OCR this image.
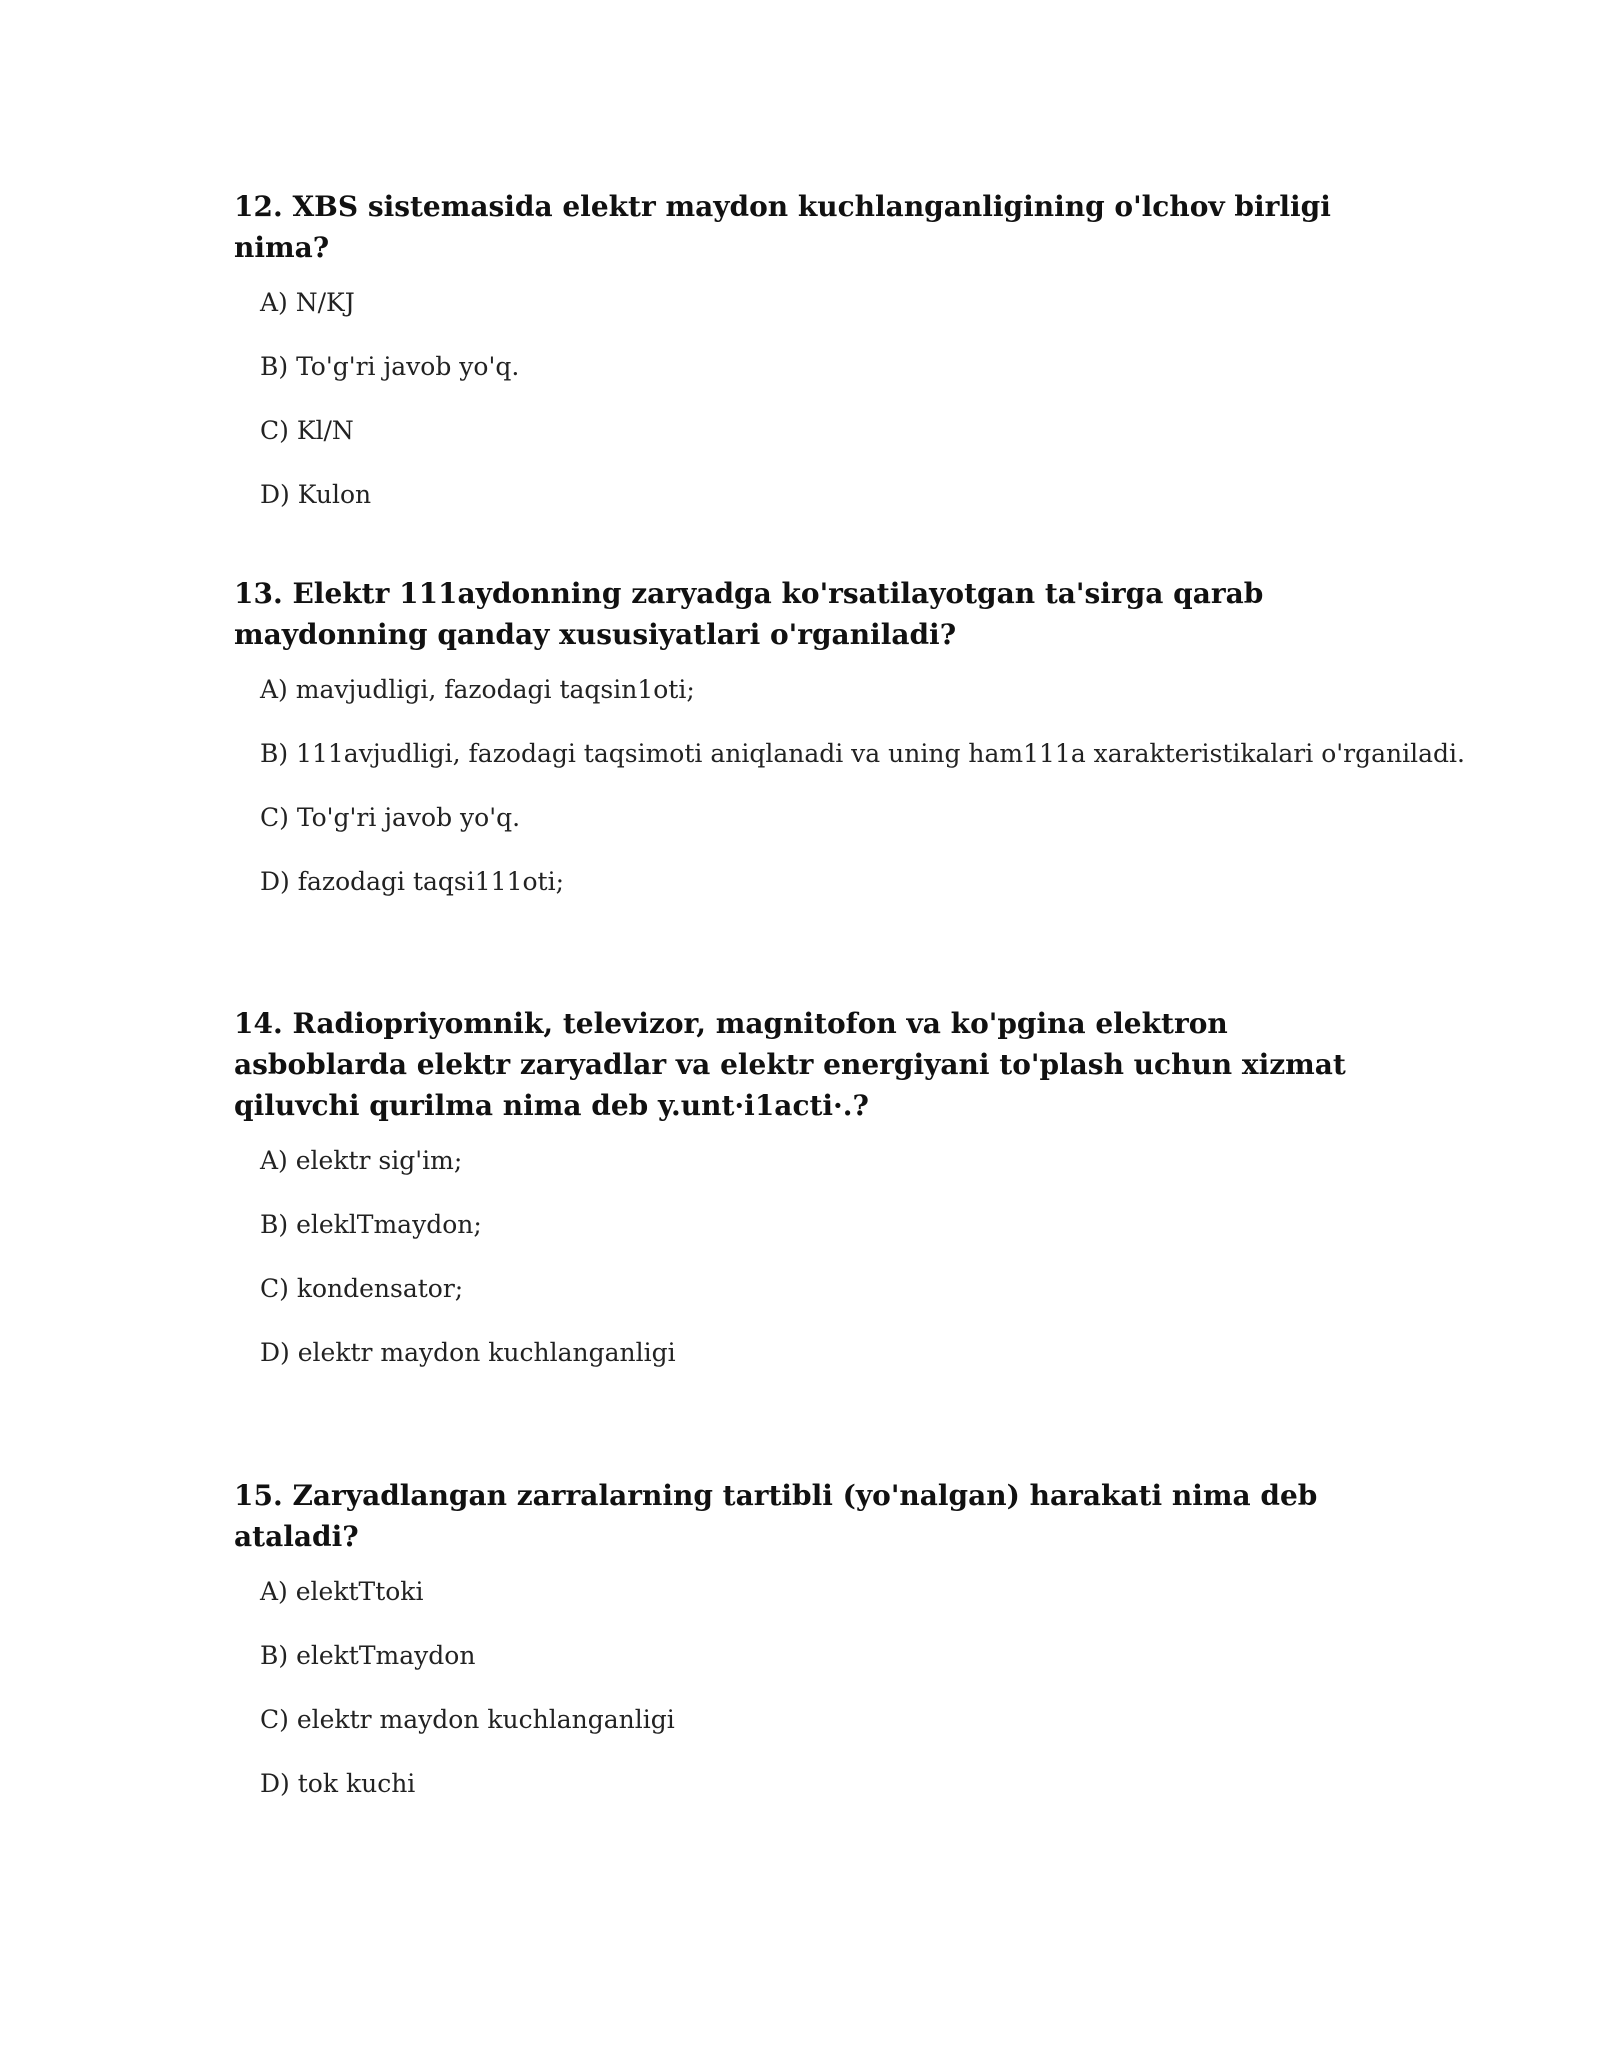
12. XBS sistemasida elektr maydon kuchlanganligining o'lchov birligi nima?

A) N/KJ
B) To'g'ri javob yo'q.
C) Kl/N
D) Kulon

13. Elektr 111aydonning zaryadga ko'rsatilayotgan ta'sirga qarab maydonning qanday xususiyatlari o'rganiladi?

A) mavjudligi, fazodagi taqsin1oti;
B) 111avjudligi, fazodagi taqsimoti aniqlanadi va uning ham111a xarakteristikalari o'rganiladi.
C) To'g'ri javob yo'q.
D) fazodagi taqsi111oti;

14. Radiopriyomnik, televizor, magnitofon va ko'pgina elektron asboblarda elektr zaryadlar va elektr energiyani to'plash uchun xizmat qiluvchi qurilma nima deb y.unt·i1acti·.?

A) elektr sig'im;
B) eleklTmaydon;
C) kondensator;
D) elektr maydon kuchlanganligi

15. Zaryadlangan zarralarning tartibli (yo'nalgan) harakati nima deb ataladi?

A) elektTtoki
B) elektTmaydon
C) elektr maydon kuchlanganligi
D) tok kuchi
